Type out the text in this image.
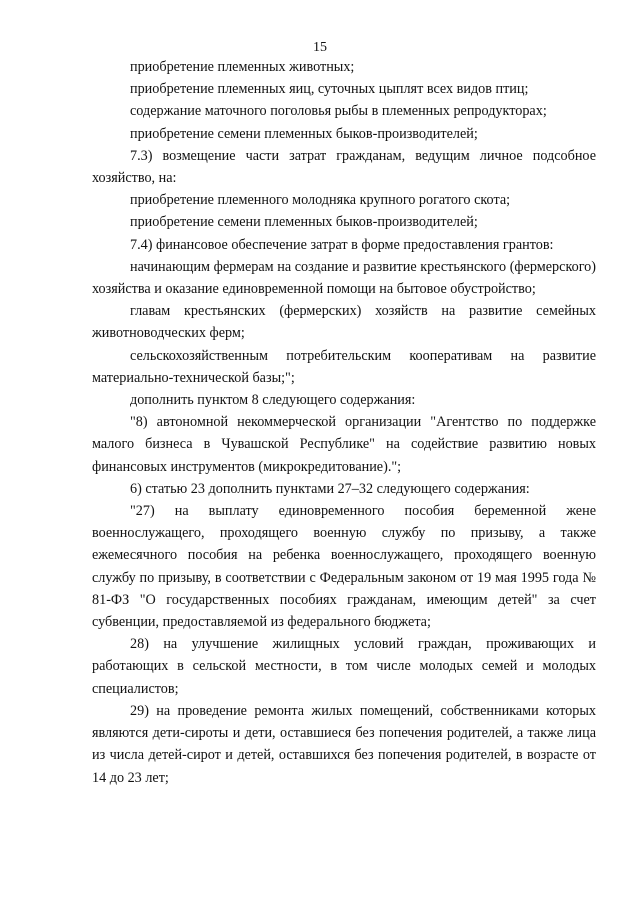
15

приобретение племенных животных;

приобретение племенных яиц, суточных цыплят всех видов птиц;

содержание маточного поголовья рыбы в племенных репродукторах;

приобретение семени племенных быков-производителей;

7.3) возмещение части затрат гражданам, ведущим личное подсобное хозяйство, на:

приобретение племенного молодняка крупного рогатого скота;

приобретение семени племенных быков-производителей;

7.4) финансовое обеспечение затрат в форме предоставления грантов:

начинающим фермерам на создание и развитие крестьянского (фермерского) хозяйства и оказание единовременной помощи на бытовое обустройство;

главам крестьянских (фермерских) хозяйств на развитие семейных животноводческих ферм;

сельскохозяйственным потребительским кооперативам на развитие материально-технической базы;";

дополнить пунктом 8 следующего содержания:

"8) автономной некоммерческой организации "Агентство по поддержке малого бизнеса в Чувашской Республике" на содействие развитию новых финансовых инструментов (микрокредитование).";

6) статью 23 дополнить пунктами 27–32 следующего содержания:

"27) на выплату единовременного пособия беременной жене военнослужащего, проходящего военную службу по призыву, а также ежемесячного пособия на ребенка военнослужащего, проходящего военную службу по призыву, в соответствии с Федеральным законом от 19 мая 1995 года № 81-ФЗ "О государственных пособиях гражданам, имеющим детей" за счет субвенции, предоставляемой из федерального бюджета;

28) на улучшение жилищных условий граждан, проживающих и работающих в сельской местности, в том числе молодых семей и молодых специалистов;

29) на проведение ремонта жилых помещений, собственниками которых являются дети-сироты и дети, оставшиеся без попечения родителей, а также лица из числа детей-сирот и детей, оставшихся без попечения родителей, в возрасте от 14 до 23 лет;
